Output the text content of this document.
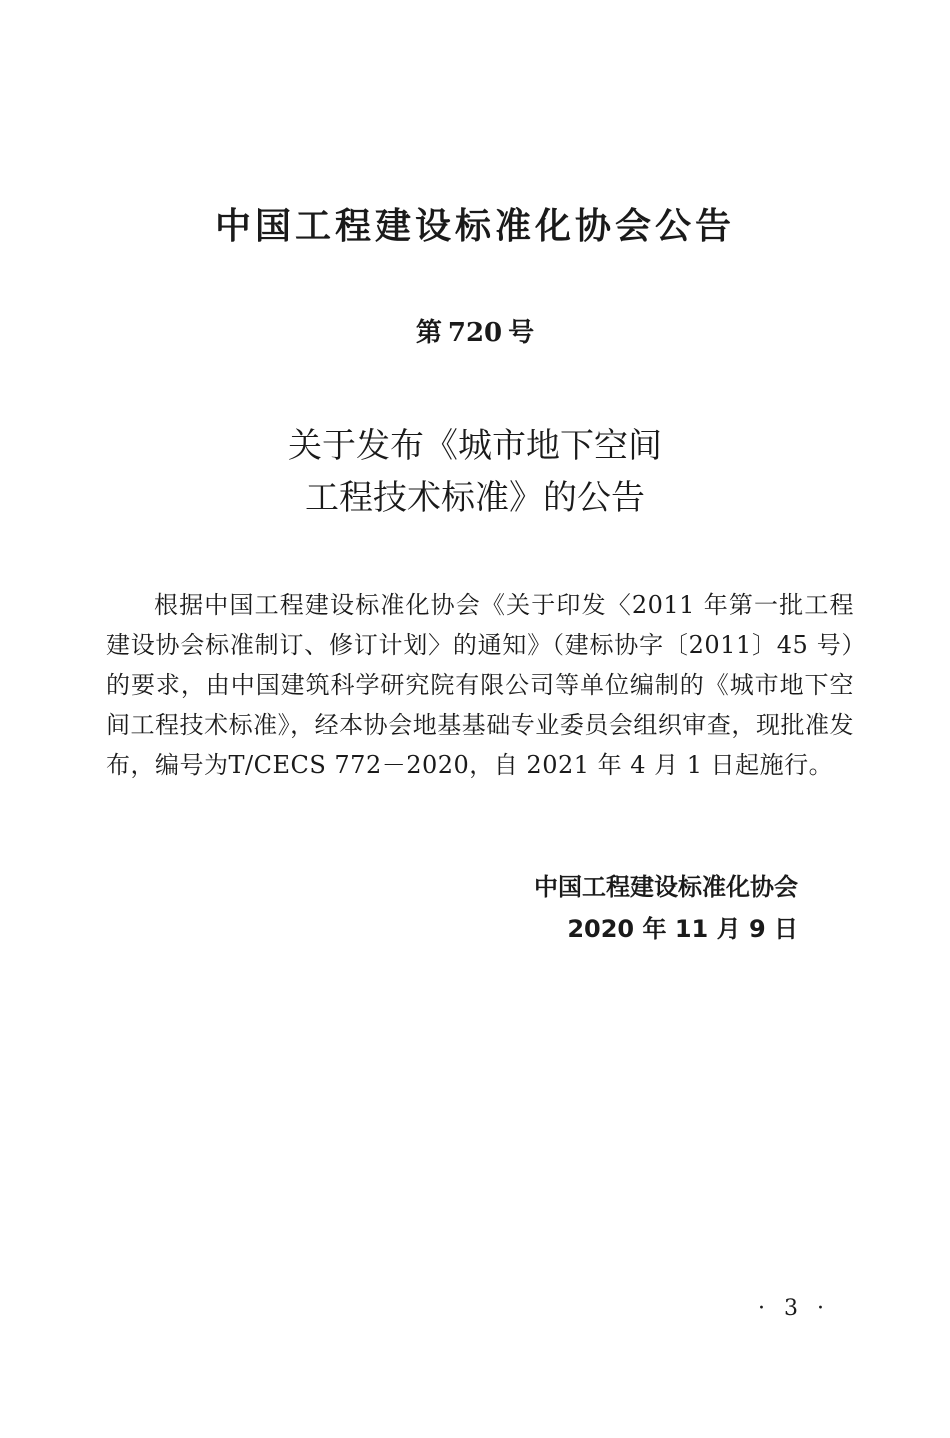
中国工程建设标准化协会公告
第 720 号
关于发布《城市地下空间
工程技术标准》的公告

根据中国工程建设标准化协会《关于印发〈2011 年第一批工程建设协会标准制订、修订计划〉的通知》（建标协字〔2011〕45 号）的要求，由中国建筑科学研究院有限公司等单位编制的《城市地下空间工程技术标准》，经本协会地基基础专业委员会组织审查，现批准发布，编号为T/CECS 772－2020，自 2021 年 4 月 1 日起施行。

中国工程建设标准化协会
2020 年 11 月 9 日
· 3 ·
